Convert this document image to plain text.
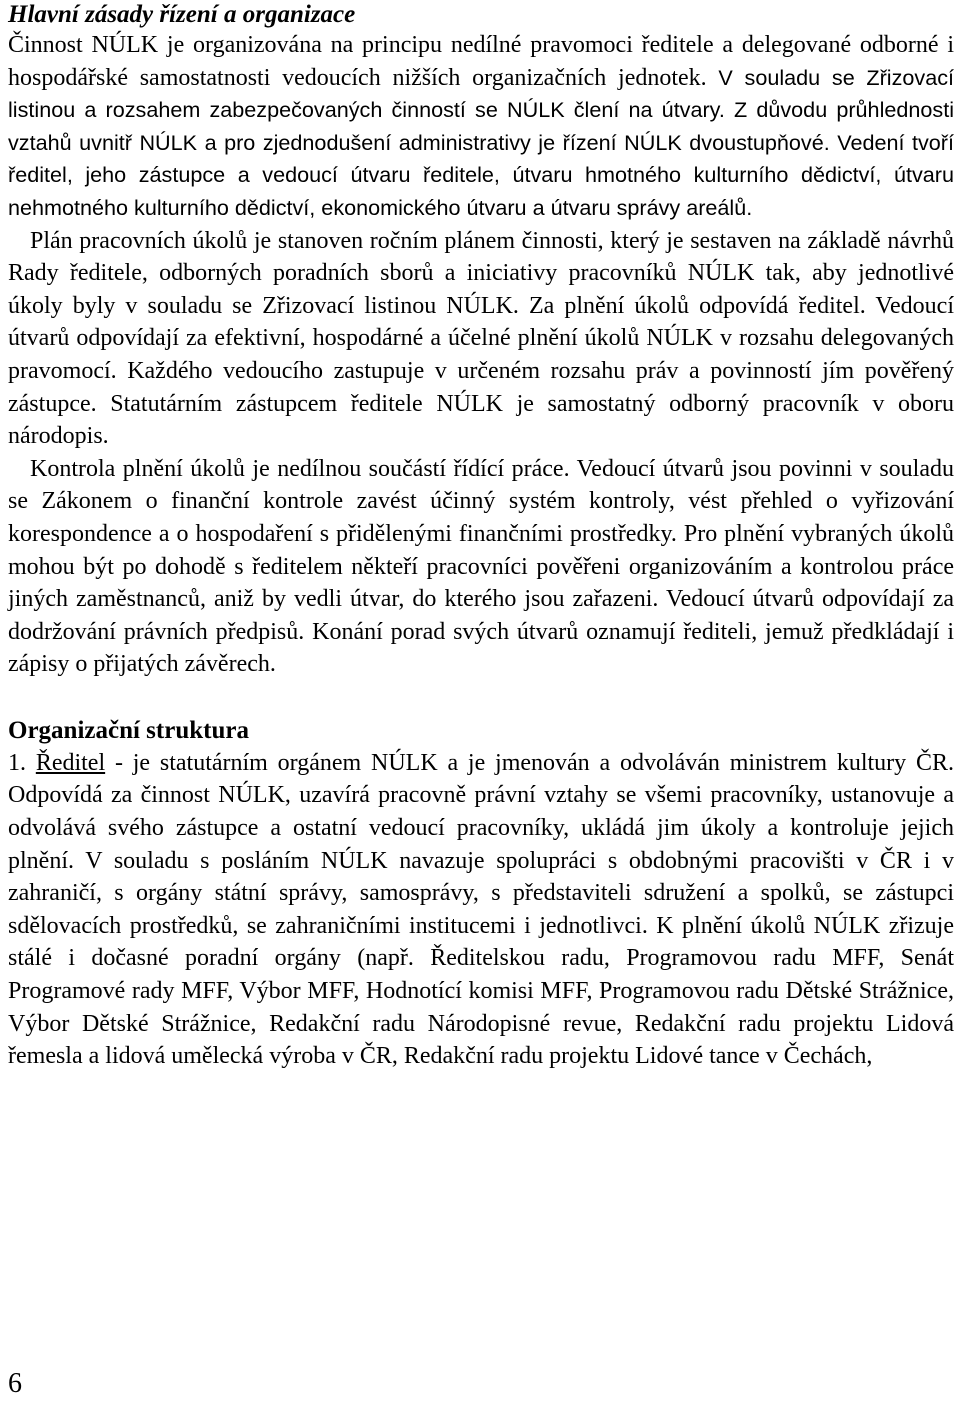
Hlavní zásady řízení a organizace

Činnost NÚLK je organizována na principu nedílné pravomoci ředitele a delegované odborné i hospodářské samostatnosti vedoucích nižších organizačních jednotek. V souladu se Zřizovací listinou a rozsahem zabezpečovaných činností se NÚLK člení na útvary. Z důvodu průhlednosti vztahů uvnitř NÚLK a pro zjednodušení administrativy je řízení NÚLK dvoustupňové. Vedení tvoří ředitel, jeho zástupce a vedoucí útvaru ředitele, útvaru hmotného kulturního dědictví, útvaru nehmotného kulturního dědictví, ekonomického útvaru a útvaru správy areálů.

Plán pracovních úkolů je stanoven ročním plánem činnosti, který je sestaven na základě návrhů Rady ředitele, odborných poradních sborů a iniciativy pracovníků NÚLK tak, aby jednotlivé úkoly byly v souladu se Zřizovací listinou NÚLK. Za plnění úkolů odpovídá ředitel. Vedoucí útvarů odpovídají za efektivní, hospodárné a účelné plnění úkolů NÚLK v rozsahu delegovaných pravomocí. Každého vedoucího zastupuje v určeném rozsahu práv a povinností jím pověřený zástupce. Statutárním zástupcem ředitele NÚLK je samostatný odborný pracovník v oboru národopis.

Kontrola plnění úkolů je nedílnou součástí řídící práce. Vedoucí útvarů jsou povinni v souladu se Zákonem o finanční kontrole zavést účinný systém kontroly, vést přehled o vyřizování korespondence a o hospodaření s přidělenými finančními prostředky. Pro plnění vybraných úkolů mohou být po dohodě s ředitelem někteří pracovníci pověřeni organizováním a kontrolou práce jiných zaměstnanců, aniž by vedli útvar, do kterého jsou zařazeni. Vedoucí útvarů odpovídají za dodržování právních předpisů. Konání porad svých útvarů oznamují řediteli, jemuž předkládají i zápisy o přijatých závěrech.

Organizační struktura

1. Ředitel - je statutárním orgánem NÚLK a je jmenován a odvoláván ministrem kultury ČR. Odpovídá za činnost NÚLK, uzavírá pracovně právní vztahy se všemi pracovníky, ustanovuje a odvolává svého zástupce a ostatní vedoucí pracovníky, ukládá jim úkoly a kontroluje jejich plnění. V souladu s posláním NÚLK navazuje spolupráci s obdobnými pracovišti v ČR i v zahraničí, s orgány státní správy, samosprávy, s představiteli sdružení a spolků, se zástupci sdělovacích prostředků, se zahraničními institucemi i jednotlivci. K plnění úkolů NÚLK zřizuje stálé i dočasné poradní orgány (např. Ředitelskou radu, Programovou radu MFF, Senát Programové rady MFF, Výbor MFF, Hodnotící komisi MFF, Programovou radu Dětské Strážnice, Výbor Dětské Strážnice, Redakční radu Národopisné revue, Redakční radu projektu Lidová řemesla a lidová umělecká výroba v ČR, Redakční radu projektu Lidové tance v Čechách,

6
